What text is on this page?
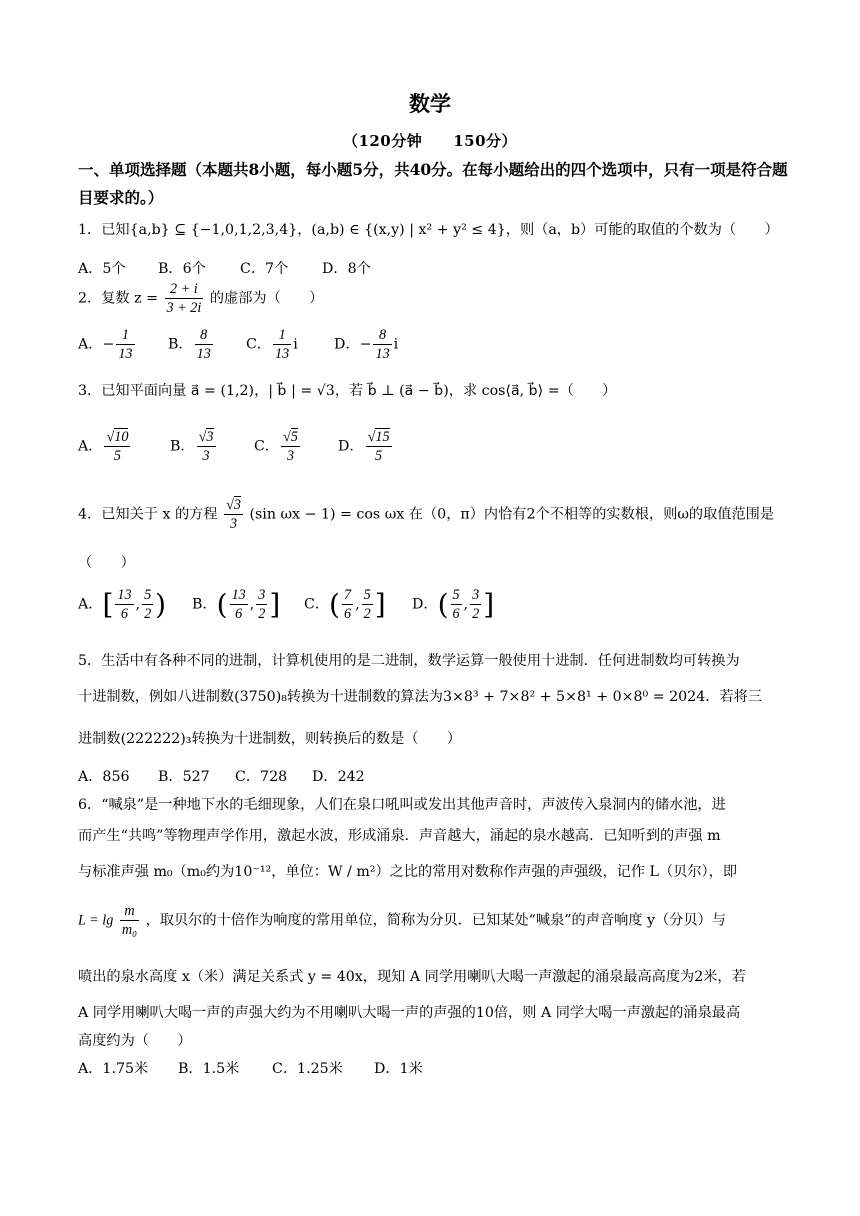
数学
（120分钟　　150分）
一、单项选择题（本题共8小题，每小题5分，共40分。在每小题给出的四个选项中，只有一项是符合题目要求的。）
1．已知{a,b} ⊆ {−1,0,1,2,3,4}，(a,b) ∈ {(x,y) | x² + y² ≤ 4}，则（a，b）可能的取值的个数为（　　）
A．5个 B．6个 C．7个 D．8个
2．复数 $z = \frac{2 + i}{3 + 2i}$ 的虚部为（　　）
A．− $\frac{1}{13}$ B． $\frac{8}{13}$ C． $\frac{1}{13}$ i	D．− $\frac{8}{13}$ i
3．已知平面向量 a⃗ = (1,2)，| b⃗ | = √3，若 b⃗ ⊥ (a⃗ − b⃗)，求 cos⟨a⃗, b⃗⟩ =（　　）
A． $\frac{√10}{5}$	B． $\frac{√3}{3}$	C． $\frac{√5}{3}$	D． $\frac{√15}{5}$
4．已知关于 x 的方程 $\frac{√3}{3} (\sin$ ωx − 1) = cos ωx 在（0，π）内恰有2个不相等的实数根，则ω的取值范围是
（　　）
A．[ $\frac{13}{6}$ , $\frac{5}{2}$ ) B．( $\frac{13}{6}$ , $\frac{3}{2}$ ] C．( $\frac{7}{6}$ , $\frac{5}{2}$ ] D．( $\frac{5}{6}$ , $\frac{3}{2}$ ]
5．生活中有各种不同的进制，计算机使用的是二进制，数学运算一般使用十进制．任何进制数均可转换为
十进制数，例如八进制数(3750)₈转换为十进制数的算法为3×8³ + 7×8² + 5×8¹ + 0×8⁰ = 2024．若将三
进制数(222222)₃转换为十进制数，则转换后的数是（　　）
A．856 B．527 C．728 D．242
6．“喊泉”是一种地下水的毛细现象，人们在泉口吼叫或发出其他声音时，声波传入泉洞内的储水池，进
而产生“共鸣”等物理声学作用，激起水波，形成涌泉．声音越大，涌起的泉水越高．已知听到的声强 m
与标准声强 m₀（m₀约为10⁻¹²，单位：W / m²）之比的常用对数称作声强的声强级，记作 L（贝尔），即
$L = \lg \frac{m}{\text{m₀}}$ ，取贝尔的十倍作为响度的常用单位，简称为分贝．已知某处“喊泉”的声音响度 y（分贝）与
喷出的泉水高度 x（米）满足关系式 y = 40x，现知 A 同学用喇叭大喝一声激起的涌泉最高高度为2米，若
A 同学用喇叭大喝一声的声强大约为不用喇叭大喝一声的声强的10倍，则 A 同学大喝一声激起的涌泉最高
高度约为（　　）
A．1.75米 B．1.5米 C．1.25米 D．1米
